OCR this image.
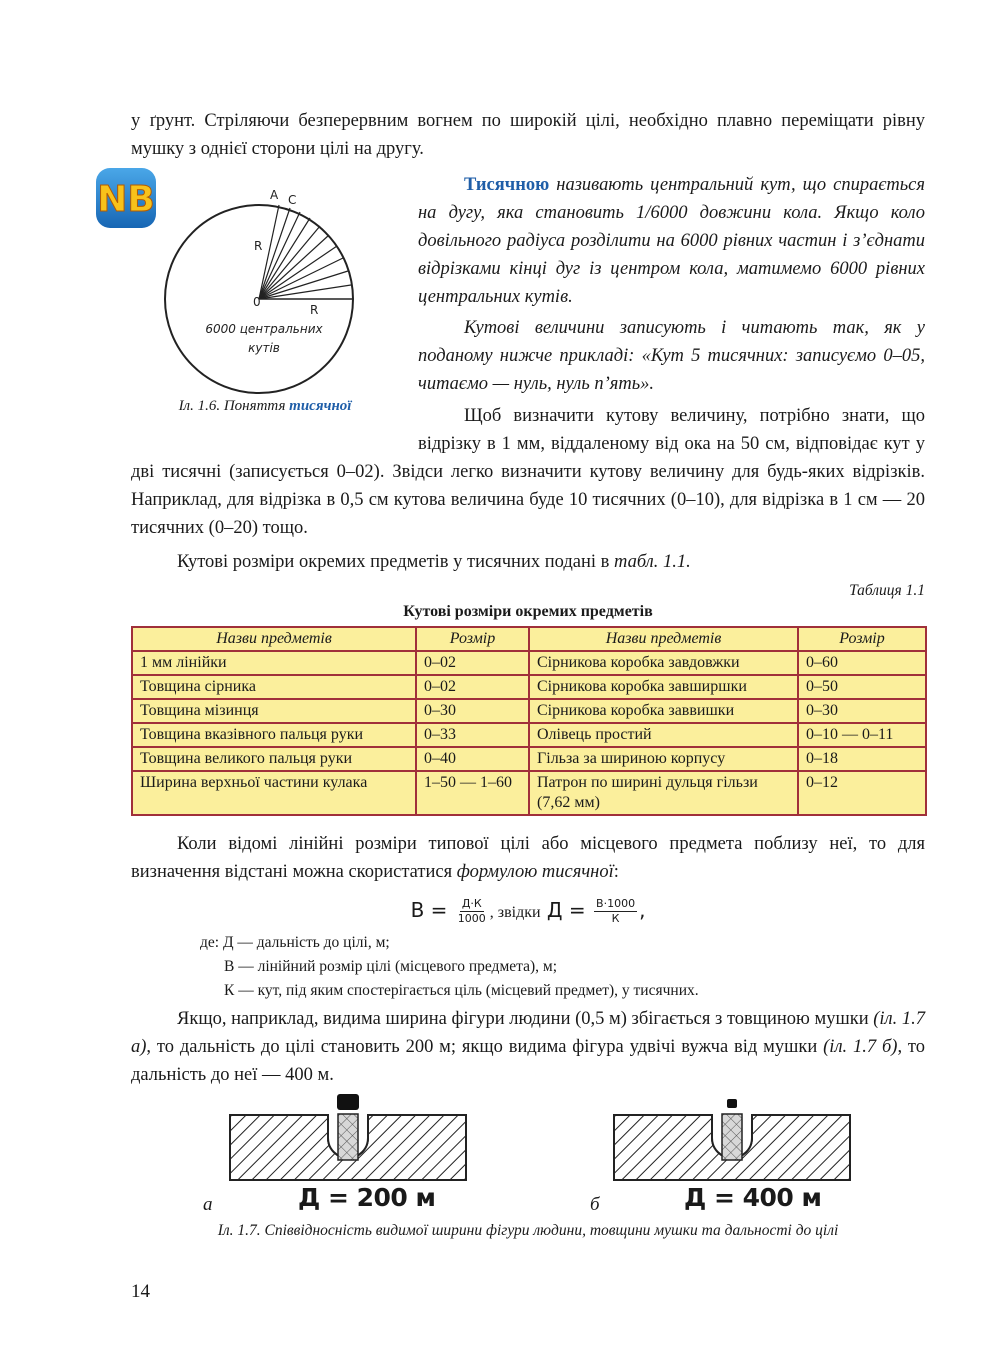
у ґрунт. Стріляючи безперервним вогнем по широкій цілі, необхідно плавно переміщати рівну мушку з однієї сторони цілі на другу.
NB	A C
R
R
0
6000 центральних
кутів
Іл. 1.6. Поняття тисячної
Тисячною називають центральний кут, що спирається на дугу, яка становить 1/6000 довжини кола. Якщо коло довільного радіуса розділити на 6000 рівних частин і з’єднати відрізками кінці дуг із центром кола, матимемо 6000 рівних центральних кутів.
Кутові величини записують і читають так, як у поданому нижче прикладі: «Кут 5 тисячних: записуємо 0–05, читаємо — нуль, нуль п’ять».
Щоб визначити кутову величину, потрібно знати, що відрізку в 1 мм, віддаленому від ока на 50 см, відповідає кут у дві тисячні (записується 0–02). Звідси легко визначити кутову величину для будь-яких відрізків. Наприклад, для відрізка в 0,5 см кутова величина буде 10 тисячних (0–10), для відрізка в 1 см — 20 тисячних (0–20) тощо.
Кутові розміри окремих предметів у тисячних подані в табл. 1.1.
Таблиця 1.1
Кутові розміри окремих предметів
Назви предметів	Розмір	Назви предметів	Розмір
1 мм лінійки	0–02	Сірникова коробка завдовжки	0–60
Товщина сірника	0–02	Сірникова коробка завширшки	0–50
Товщина мізинця	0–30	Сірникова коробка заввишки	0–30
Товщина вказівного пальця руки	0–33	Олівець простий	0–10 — 0–11
Товщина великого пальця руки	0–40	Гільза за шириною корпусу	0–18
Ширина верхньої частини кулака	1–50 — 1–60	Патрон по ширині дульця гільзи (7,62 мм)	0–12
Коли відомі лінійні розміри типової цілі або місцевого предмета поблизу неї, то для визначення відстані можна скористатися формулою тисячної:
$В = \frac{Д\cdot К}{1000}$ , звідки $Д = \frac{В\cdot 1000}{К}$ ,
де: Д — дальність до цілі, м;
В — лінійний розмір цілі (місцевого предмета), м;
К — кут, під яким спостерігається ціль (місцевий предмет), у тисячних.
Якщо, наприклад, видима ширина фігури людини (0,5 м) збігається з товщиною мушки (іл. 1.7 а), то дальність до цілі становить 200 м; якщо видима фігура удвічі вужча від мушки (іл. 1.7 б), то дальність до неї — 400 м.
а	Д = 200 м	б	Д = 400 м
Іл. 1.7. Співвідносність видимої ширини фігури людини, товщини мушки та дальності до цілі
14
